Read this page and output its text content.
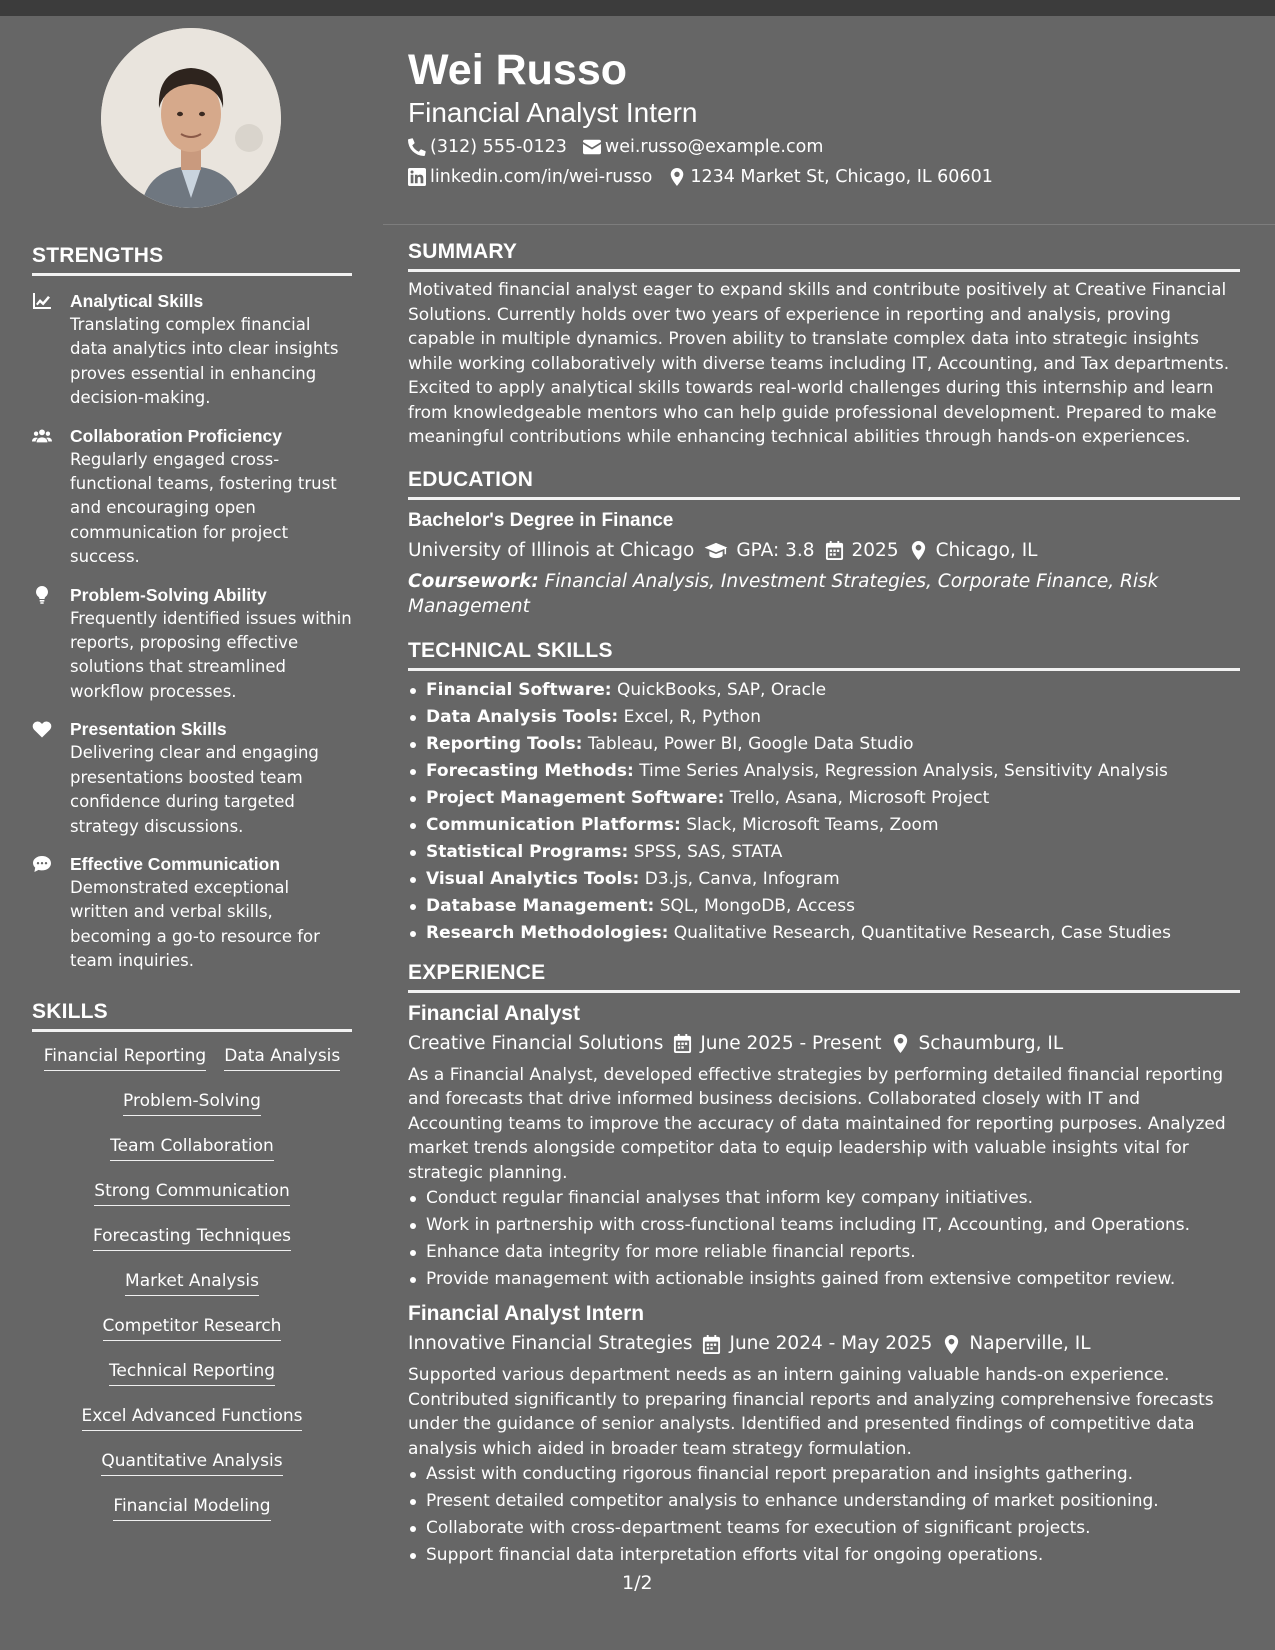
STRENGTHS
Analytical Skills
Translating complex financial data analytics into clear insights proves essential in enhancing decision-making.
Collaboration Proficiency
Regularly engaged cross-functional teams, fostering trust and encouraging open communication for project success.
Problem-Solving Ability
Frequently identified issues within reports, proposing effective solutions that streamlined workflow processes.
Presentation Skills
Delivering clear and engaging presentations boosted team confidence during targeted strategy discussions.
Effective Communication
Demonstrated exceptional written and verbal skills, becoming a go-to resource for team inquiries.
SKILLS
Financial Reporting Data Analysis
Problem-Solving
Team Collaboration
Strong Communication
Forecasting Techniques
Market Analysis
Competitor Research
Technical Reporting
Excel Advanced Functions
Quantitative Analysis
Financial Modeling
Wei Russo
Financial Analyst Intern
(312) 555-0123 wei.russo@example.com
linkedin.com/in/wei-russo 1234 Market St, Chicago, IL 60601
SUMMARY
Motivated financial analyst eager to expand skills and contribute positively at Creative Financial Solutions. Currently holds over two years of experience in reporting and analysis, proving capable in multiple dynamics. Proven ability to translate complex data into strategic insights while working collaboratively with diverse teams including IT, Accounting, and Tax departments. Excited to apply analytical skills towards real-world challenges during this internship and learn from knowledgeable mentors who can help guide professional development. Prepared to make meaningful contributions while enhancing technical abilities through hands-on experiences.
EDUCATION
Bachelor's Degree in Finance
University of Illinois at Chicago GPA: 3.8 2025 Chicago, IL
Coursework: Financial Analysis, Investment Strategies, Corporate Finance, Risk Management
TECHNICAL SKILLS
Financial Software: QuickBooks, SAP, Oracle
Data Analysis Tools: Excel, R, Python
Reporting Tools: Tableau, Power BI, Google Data Studio
Forecasting Methods: Time Series Analysis, Regression Analysis, Sensitivity Analysis
Project Management Software: Trello, Asana, Microsoft Project
Communication Platforms: Slack, Microsoft Teams, Zoom
Statistical Programs: SPSS, SAS, STATA
Visual Analytics Tools: D3.js, Canva, Infogram
Database Management: SQL, MongoDB, Access
Research Methodologies: Qualitative Research, Quantitative Research, Case Studies
EXPERIENCE
Financial Analyst
Creative Financial Solutions June 2025 - Present Schaumburg, IL
As a Financial Analyst, developed effective strategies by performing detailed financial reporting and forecasts that drive informed business decisions. Collaborated closely with IT and Accounting teams to improve the accuracy of data maintained for reporting purposes. Analyzed market trends alongside competitor data to equip leadership with valuable insights vital for strategic planning.
Conduct regular financial analyses that inform key company initiatives.
Work in partnership with cross-functional teams including IT, Accounting, and Operations.
Enhance data integrity for more reliable financial reports.
Provide management with actionable insights gained from extensive competitor review.
Financial Analyst Intern
Innovative Financial Strategies June 2024 - May 2025 Naperville, IL
Supported various department needs as an intern gaining valuable hands-on experience. Contributed significantly to preparing financial reports and analyzing comprehensive forecasts under the guidance of senior analysts. Identified and presented findings of competitive data analysis which aided in broader team strategy formulation.
Assist with conducting rigorous financial report preparation and insights gathering.
Present detailed competitor analysis to enhance understanding of market positioning.
Collaborate with cross-department teams for execution of significant projects.
Support financial data interpretation efforts vital for ongoing operations.
1/2
